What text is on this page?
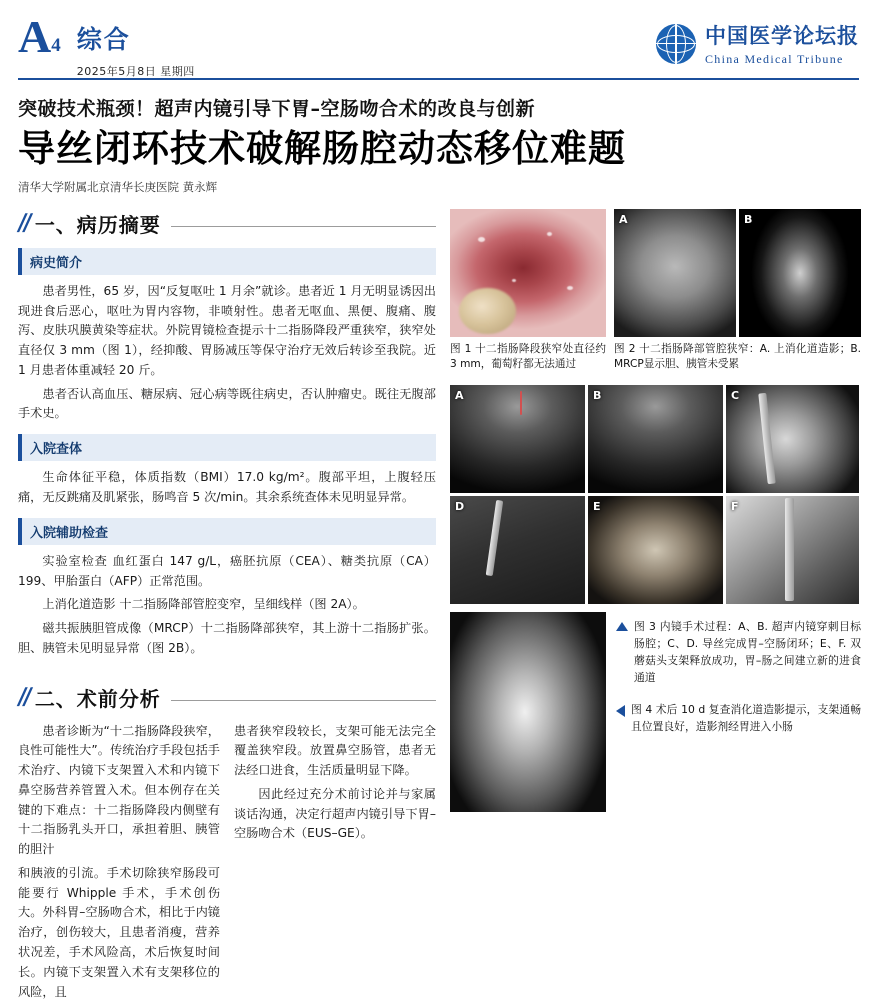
A 4 综合
2025年5月8日 星期四
中国医学论坛报
China Medical Tribune
突破技术瓶颈！超声内镜引导下胃–空肠吻合术的改良与创新
导丝闭环技术破解肠腔动态移位难题
清华大学附属北京清华长庚医院 黄永辉
// 一、病历摘要
病史简介

患者男性，65 岁，因“反复呕吐 1 月余”就诊。患者近 1 月无明显诱因出现进食后恶心，呕吐为胃内容物，非喷射性。患者无呕血、黑便、腹痛、腹泻、皮肤巩膜黄染等症状。外院胃镜检查提示十二指肠降段严重狭窄，狭窄处直径仅 3 mm（图 1），经抑酸、胃肠减压等保守治疗无效后转诊至我院。近 1 月患者体重减轻 20 斤。

患者否认高血压、糖尿病、冠心病等既往病史，否认肿瘤史。既往无腹部手术史。

入院查体

生命体征平稳，体质指数（BMI）17.0 kg/m²。腹部平坦，上腹轻压痛，无反跳痛及肌紧张，肠鸣音 5 次/min。其余系统查体未见明显异常。

入院辅助检查

实验室检查 血红蛋白 147 g/L，癌胚抗原（CEA）、糖类抗原（CA）199、甲胎蛋白（AFP）正常范围。

上消化道造影 十二指肠降部管腔变窄，呈细线样（图 2A）。

磁共振胰胆管成像（MRCP）十二指肠降部狭窄，其上游十二指肠扩张。胆、胰管未见明显异常（图 2B）。

// 二、术前分析

患者诊断为“十二指肠降段狭窄，良性可能性大”。传统治疗手段包括手术治疗、内镜下支架置入术和内镜下鼻空肠营养管置入术。但本例存在关键的下难点：十二指肠降段内侧壁有十二指肠乳头开口，承担着胆、胰管的胆汁

和胰液的引流。手术切除狭窄肠段可能要行 Whipple 手术，手术创伤大。外科胃–空肠吻合术，相比于内镜治疗，创伤较大，且患者消瘦，营养状况差，手术风险高，术后恢复时间长。内镜下支架置入术有支架移位的风险，且

患者狭窄段较长，支架可能无法完全覆盖狭窄段。放置鼻空肠管，患者无法经口进食，生活质量明显下降。

因此经过充分术前讨论并与家属谈话沟通，决定行超声内镜引导下胃–空肠吻合术（EUS–GE）。

图 1 十二指肠降段狭窄处直径约 3 mm，葡萄籽都无法通过
A	B
图 2 十二指肠降部管腔狭窄：A. 上消化道造影；B. MRCP显示胆、胰管未受累
A	B	C
D	E	F
图 3 内镜手术过程：A、B. 超声内镜穿刺目标肠腔；C、D. 导丝完成胃–空肠闭环；E、F. 双蘑菇头支架释放成功，胃–肠之间建立新的进食通道
图 4 术后 10 d 复查消化道造影提示，支架通畅且位置良好，造影剂经胃进入小肠
